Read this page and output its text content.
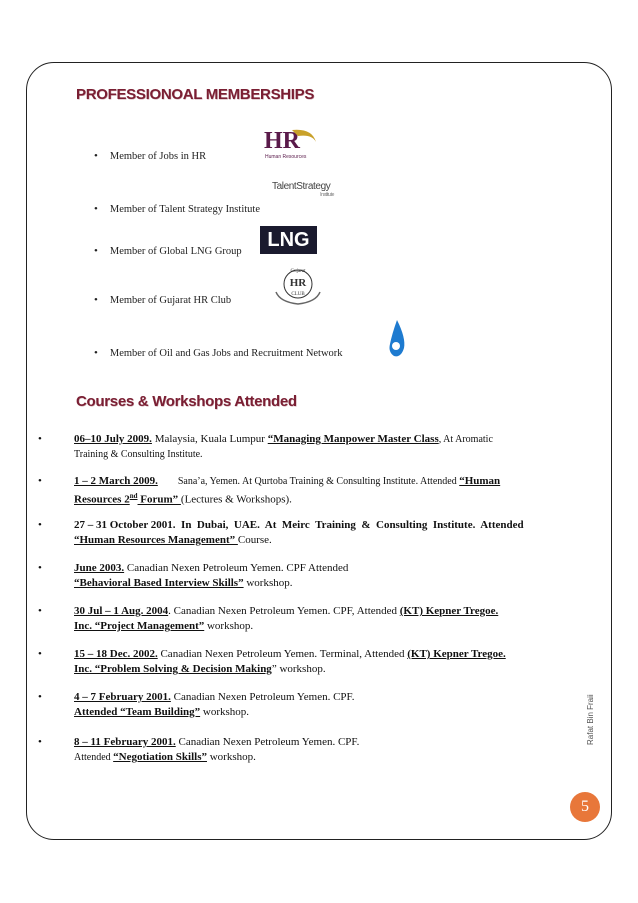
PROFESSIONOAL MEMBERSHIPS
• Member of Jobs in HR
• Member of Talent Strategy Institute
• Member of Global LNG Group
• Member of Gujarat HR Club
• Member of Oil and Gas Jobs and Recruitment Network
HR
Human Resources
TalentStrategy
Institute
LNG
Gujarat
HR
CLUB
Courses & Workshops Attended
•	06–10 July 2009. Malaysia, Kuala Lumpur “Managing Manpower Master Class, At Aromatic
Training & Consulting Institute.
•	1 – 2 March 2009.        Sana’a, Yemen. At Qurtoba Training & Consulting Institute. Attended “Human
Resources 2nd Forum” (Lectures & Workshops).
•	27 – 31 October 2001.  In  Dubai,  UAE.  At  Meirc  Training  &  Consulting  Institute.  Attended
“Human Resources Management” Course.
•	June 2003. Canadian Nexen Petroleum Yemen. CPF Attended
“Behavioral Based Interview Skills” workshop.
•	30 Jul – 1 Aug. 2004. Canadian Nexen Petroleum Yemen. CPF, Attended (KT) Kepner Tregoe.
Inc. “Project Management” workshop.
•	15 – 18 Dec. 2002. Canadian Nexen Petroleum Yemen. Terminal, Attended (KT) Kepner Tregoe.
Inc. “Problem Solving & Decision Making” workshop.
•	4 – 7 February 2001. Canadian Nexen Petroleum Yemen. CPF.
Attended “Team Building” workshop.
•	8 – 11 February 2001. Canadian Nexen Petroleum Yemen. CPF.
Attended “Negotiation Skills” workshop.
Rafat Bin Fraii
5
